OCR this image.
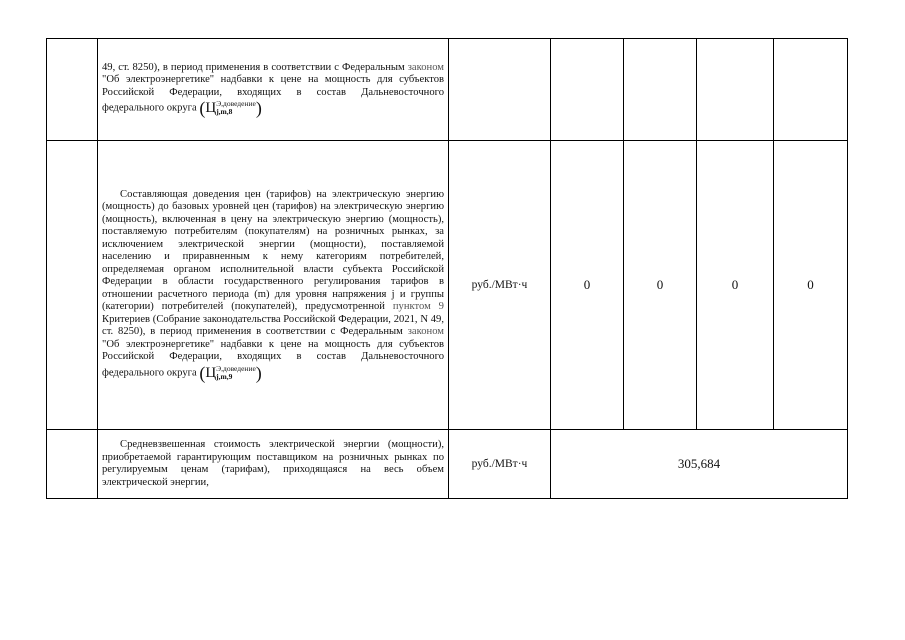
	49, ст. 8250), в период применения в соответствии с Федеральным законом "Об электроэнергетике" надбавки к цене на мощность для субъектов Российской Федерации, входящих в состав Дальневосточного федерального округа (Ц Э,доведение
j,m,8 )					

	Составляющая доведения цен (тарифов) на электрическую энергию (мощность) до базовых уровней цен (тарифов) на электрическую энергию (мощность), включенная в цену на электрическую энергию (мощность), поставляемую потребителям (покупателям) на розничных рынках, за исключением электрической энергии (мощности), поставляемой населению и приравненным к нему категориям потребителей, определяемая органом исполнительной власти субъекта Российской Федерации в области государственного регулирования тарифов в отношении расчетного периода (m) для уровня напряжения j и группы (категории) потребителей (покупателей), предусмотренной пунктом 9 Критериев (Собрание законодательства Российской Федерации, 2021, N 49, ст. 8250), в период применения в соответствии с Федеральным законом "Об электроэнергетике" надбавки к цене на мощность для субъектов Российской Федерации, входящих в состав Дальневосточного федерального округа (Ц Э,доведение
j,m,9 )	руб./МВт·ч	0	0	0	0

	Средневзвешенная стоимость электрической энергии (мощности), приобретаемой гарантирующим поставщиком на розничных рынках по регулируемым ценам (тарифам), приходящаяся на весь объем электрической энергии,	руб./МВт·ч	305,684			
